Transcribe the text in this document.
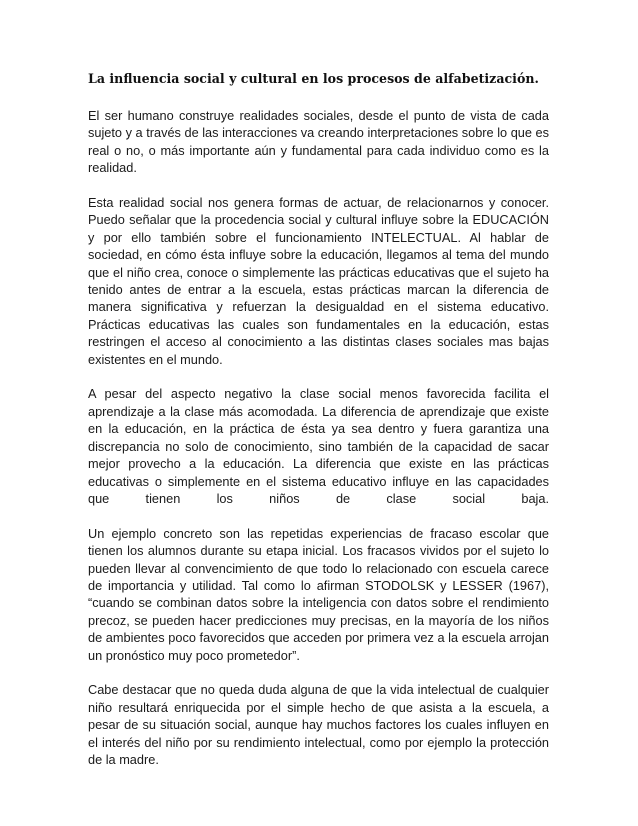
La influencia social y cultural en los procesos de alfabetización.

El ser humano construye realidades sociales, desde el punto de vista de cada sujeto y a través de las interacciones va creando interpretaciones sobre lo que es real o no, o más importante aún y fundamental para cada individuo como es la realidad.

Esta realidad social nos genera formas de actuar, de relacionarnos y conocer. Puedo señalar que la procedencia social y cultural influye sobre la EDUCACIÓN y por ello también sobre el funcionamiento INTELECTUAL. Al hablar de sociedad, en cómo ésta influye sobre la educación, llegamos al tema del mundo que el niño crea, conoce o simplemente las prácticas educativas que el sujeto ha tenido antes de entrar a la escuela, estas prácticas marcan la diferencia de manera significativa y refuerzan la desigualdad en el sistema educativo. Prácticas educativas las cuales son fundamentales en la educación, estas restringen el acceso al conocimiento a las distintas clases sociales mas bajas existentes en el mundo.

A pesar del aspecto negativo la clase social menos favorecida facilita el aprendizaje a la clase más acomodada. La diferencia de aprendizaje que existe en la educación, en la práctica de ésta ya sea dentro y fuera garantiza una discrepancia no solo de conocimiento, sino también de la capacidad de sacar mejor provecho a la educación. La diferencia que existe en las prácticas educativas o simplemente en el sistema educativo influye en las capacidades que tienen los niños de clase social baja.

Un ejemplo concreto son las repetidas experiencias de fracaso escolar que tienen los alumnos durante su etapa inicial. Los fracasos vividos por el sujeto lo pueden llevar al convencimiento de que todo lo relacionado con escuela carece de importancia y utilidad. Tal como lo afirman STODOLSK y LESSER (1967), “cuando se combinan datos sobre la inteligencia con datos sobre el rendimiento precoz, se pueden hacer predicciones muy precisas, en la mayoría de los niños de ambientes poco favorecidos que acceden por primera vez a la escuela arrojan un pronóstico muy poco prometedor”.

Cabe destacar que no queda duda alguna de que la vida intelectual de cualquier niño resultará enriquecida por el simple hecho de que asista a la escuela, a pesar de su situación social, aunque hay muchos factores los cuales influyen en el interés del niño por su rendimiento intelectual, como por ejemplo la protección de la madre.
